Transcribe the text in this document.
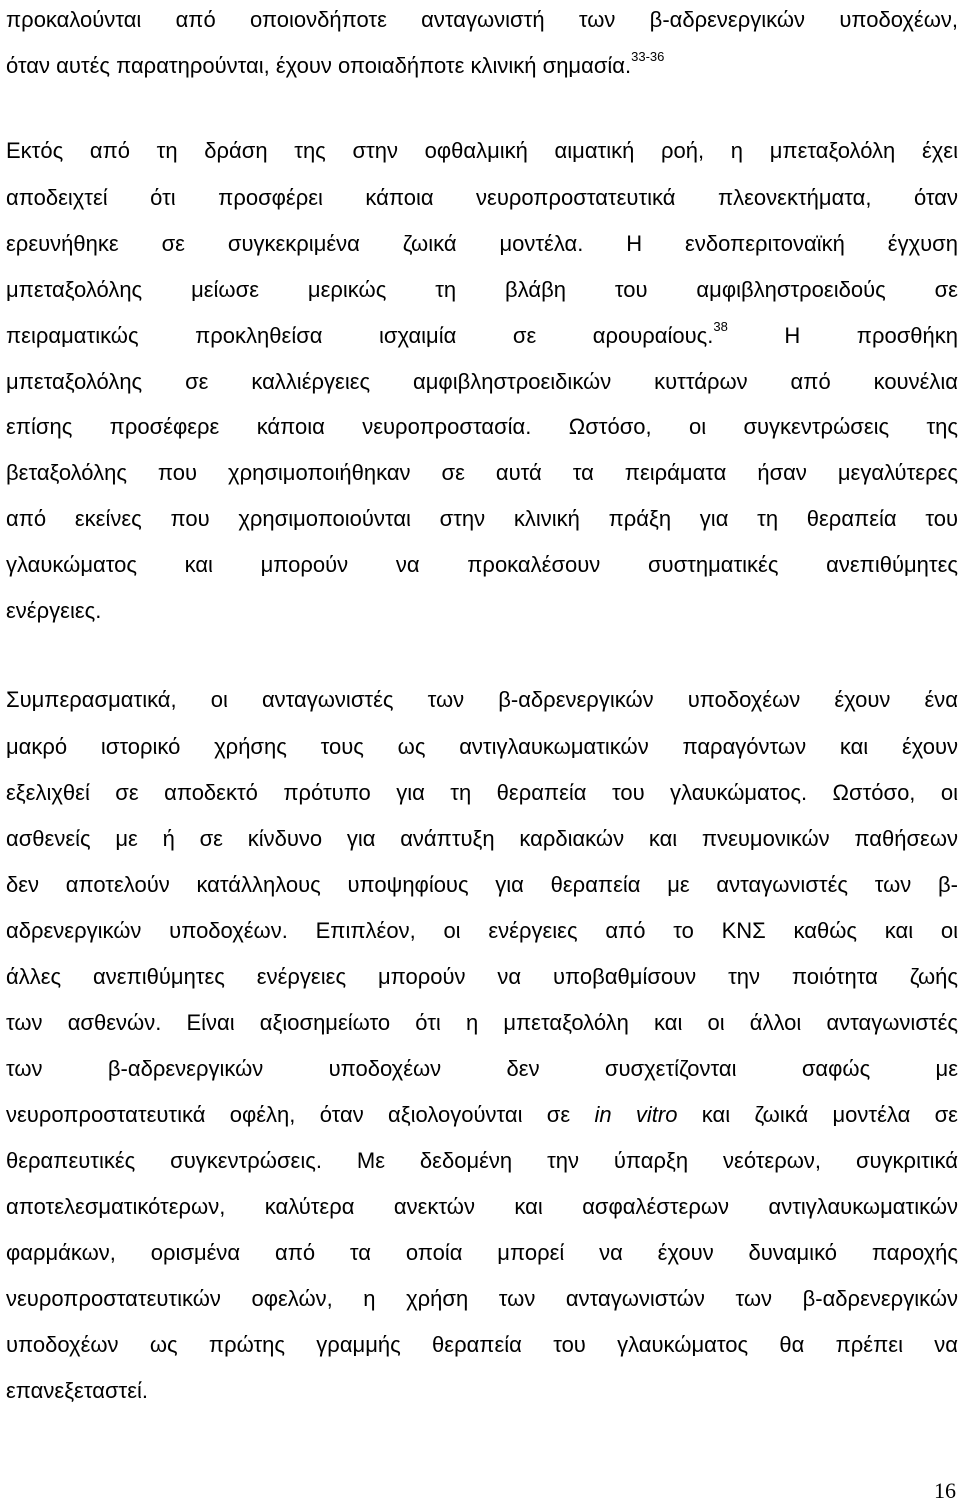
προκαλούνται από οποιονδήποτε ανταγωνιστή των β-αδρενεργικών υποδοχέων,
όταν αυτές παρατηρούνται, έχουν οποιαδήποτε κλινική σημασία.$^{33-36}$
Εκτός από τη δράση της στην οφθαλμική αιματική ροή, η μπεταξολόλη έχει
αποδειχτεί ότι προσφέρει κάποια νευροπροστατευτικά πλεονεκτήματα, όταν
ερευνήθηκε σε συγκεκριμένα ζωικά μοντέλα. Η ενδοπεριτοναϊκή έγχυση
μπεταξολόλης μείωσε μερικώς τη βλάβη του αμφιβληστροειδούς σε
πειραματικώς προκληθείσα ισχαιμία σε αρουραίους.$^{38}$ Η προσθήκη
μπεταξολόλης σε καλλιέργειες αμφιβληστροειδικών κυττάρων από κουνέλια
επίσης προσέφερε κάποια νευροπροστασία. Ωστόσο, οι συγκεντρώσεις της
βεταξολόλης που χρησιμοποιήθηκαν σε αυτά τα πειράματα ήσαν μεγαλύτερες
από εκείνες που χρησιμοποιούνται στην κλινική πράξη για τη θεραπεία του
γλαυκώματος και μπορούν να προκαλέσουν συστηματικές ανεπιθύμητες
ενέργειες.
Συμπερασματικά, οι ανταγωνιστές των β-αδρενεργικών υποδοχέων έχουν ένα
μακρό ιστορικό χρήσης τους ως αντιγλαυκωματικών παραγόντων και έχουν
εξελιχθεί σε αποδεκτό πρότυπο για τη θεραπεία του γλαυκώματος. Ωστόσο, οι
ασθενείς με ή σε κίνδυνο για ανάπτυξη καρδιακών και πνευμονικών παθήσεων
δεν αποτελούν κατάλληλους υποψηφίους για θεραπεία με ανταγωνιστές των β-
αδρενεργικών υποδοχέων. Επιπλέον, οι ενέργειες από το ΚΝΣ καθώς και οι
άλλες ανεπιθύμητες ενέργειες μπορούν να υποβαθμίσουν την ποιότητα ζωής
των ασθενών. Είναι αξιοσημείωτο ότι η μπεταξολόλη και οι άλλοι ανταγωνιστές
των β-αδρενεργικών υποδοχέων δεν συσχετίζονται σαφώς με
νευροπροστατευτικά οφέλη, όταν αξιολογούνται σε in vitro και ζωικά μοντέλα σε
θεραπευτικές συγκεντρώσεις. Με δεδομένη την ύπαρξη νεότερων, συγκριτικά
αποτελεσματικότερων, καλύτερα ανεκτών και ασφαλέστερων αντιγλαυκωματικών
φαρμάκων, ορισμένα από τα οποία μπορεί να έχουν δυναμικό παροχής
νευροπροστατευτικών οφελών, η χρήση των ανταγωνιστών των β-αδρενεργικών
υποδοχέων ως πρώτης γραμμής θεραπεία του γλαυκώματος θα πρέπει να
επανεξεταστεί.
16
